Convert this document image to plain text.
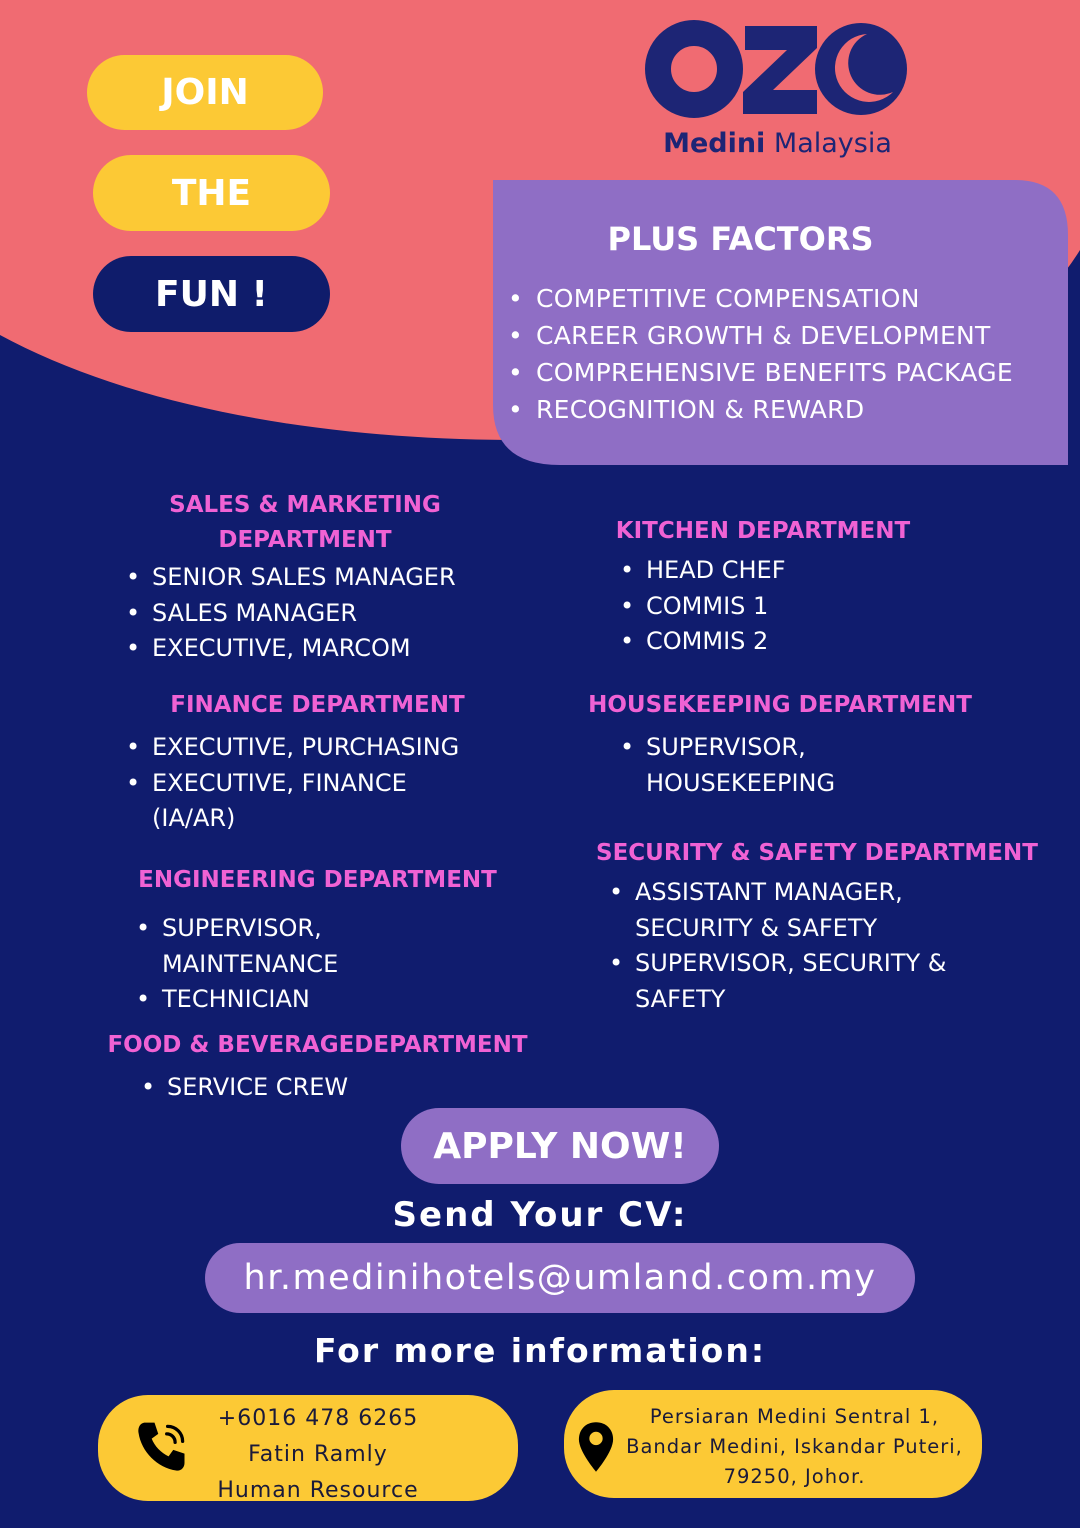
JOIN
THE
FUN !
Medini Malaysia
PLUS FACTORS
• COMPETITIVE COMPENSATION
• CAREER GROWTH & DEVELOPMENT
• COMPREHENSIVE BENEFITS PACKAGE
• RECOGNITION & REWARD
SALES & MARKETING
DEPARTMENT
• SENIOR SALES MANAGER
• SALES MANAGER
• EXECUTIVE, MARCOM
KITCHEN DEPARTMENT
• HEAD CHEF
• COMMIS 1
• COMMIS 2
FINANCE DEPARTMENT
• EXECUTIVE, PURCHASING
• EXECUTIVE, FINANCE
(IA/AR)
HOUSEKEEPING DEPARTMENT
• SUPERVISOR,
HOUSEKEEPING
SECURITY & SAFETY DEPARTMENT
• ASSISTANT MANAGER,
SECURITY & SAFETY
• SUPERVISOR, SECURITY &
SAFETY
ENGINEERING DEPARTMENT
• SUPERVISOR,
MAINTENANCE
• TECHNICIAN
FOOD & BEVERAGEDEPARTMENT
• SERVICE CREW
APPLY NOW!
Send Your CV:
hr.medinihotels@umland.com.my
For more information:
+6016 478 6265
Fatin Ramly
Human Resource
Persiaran Medini Sentral 1,
Bandar Medini, Iskandar Puteri,
79250, Johor.
